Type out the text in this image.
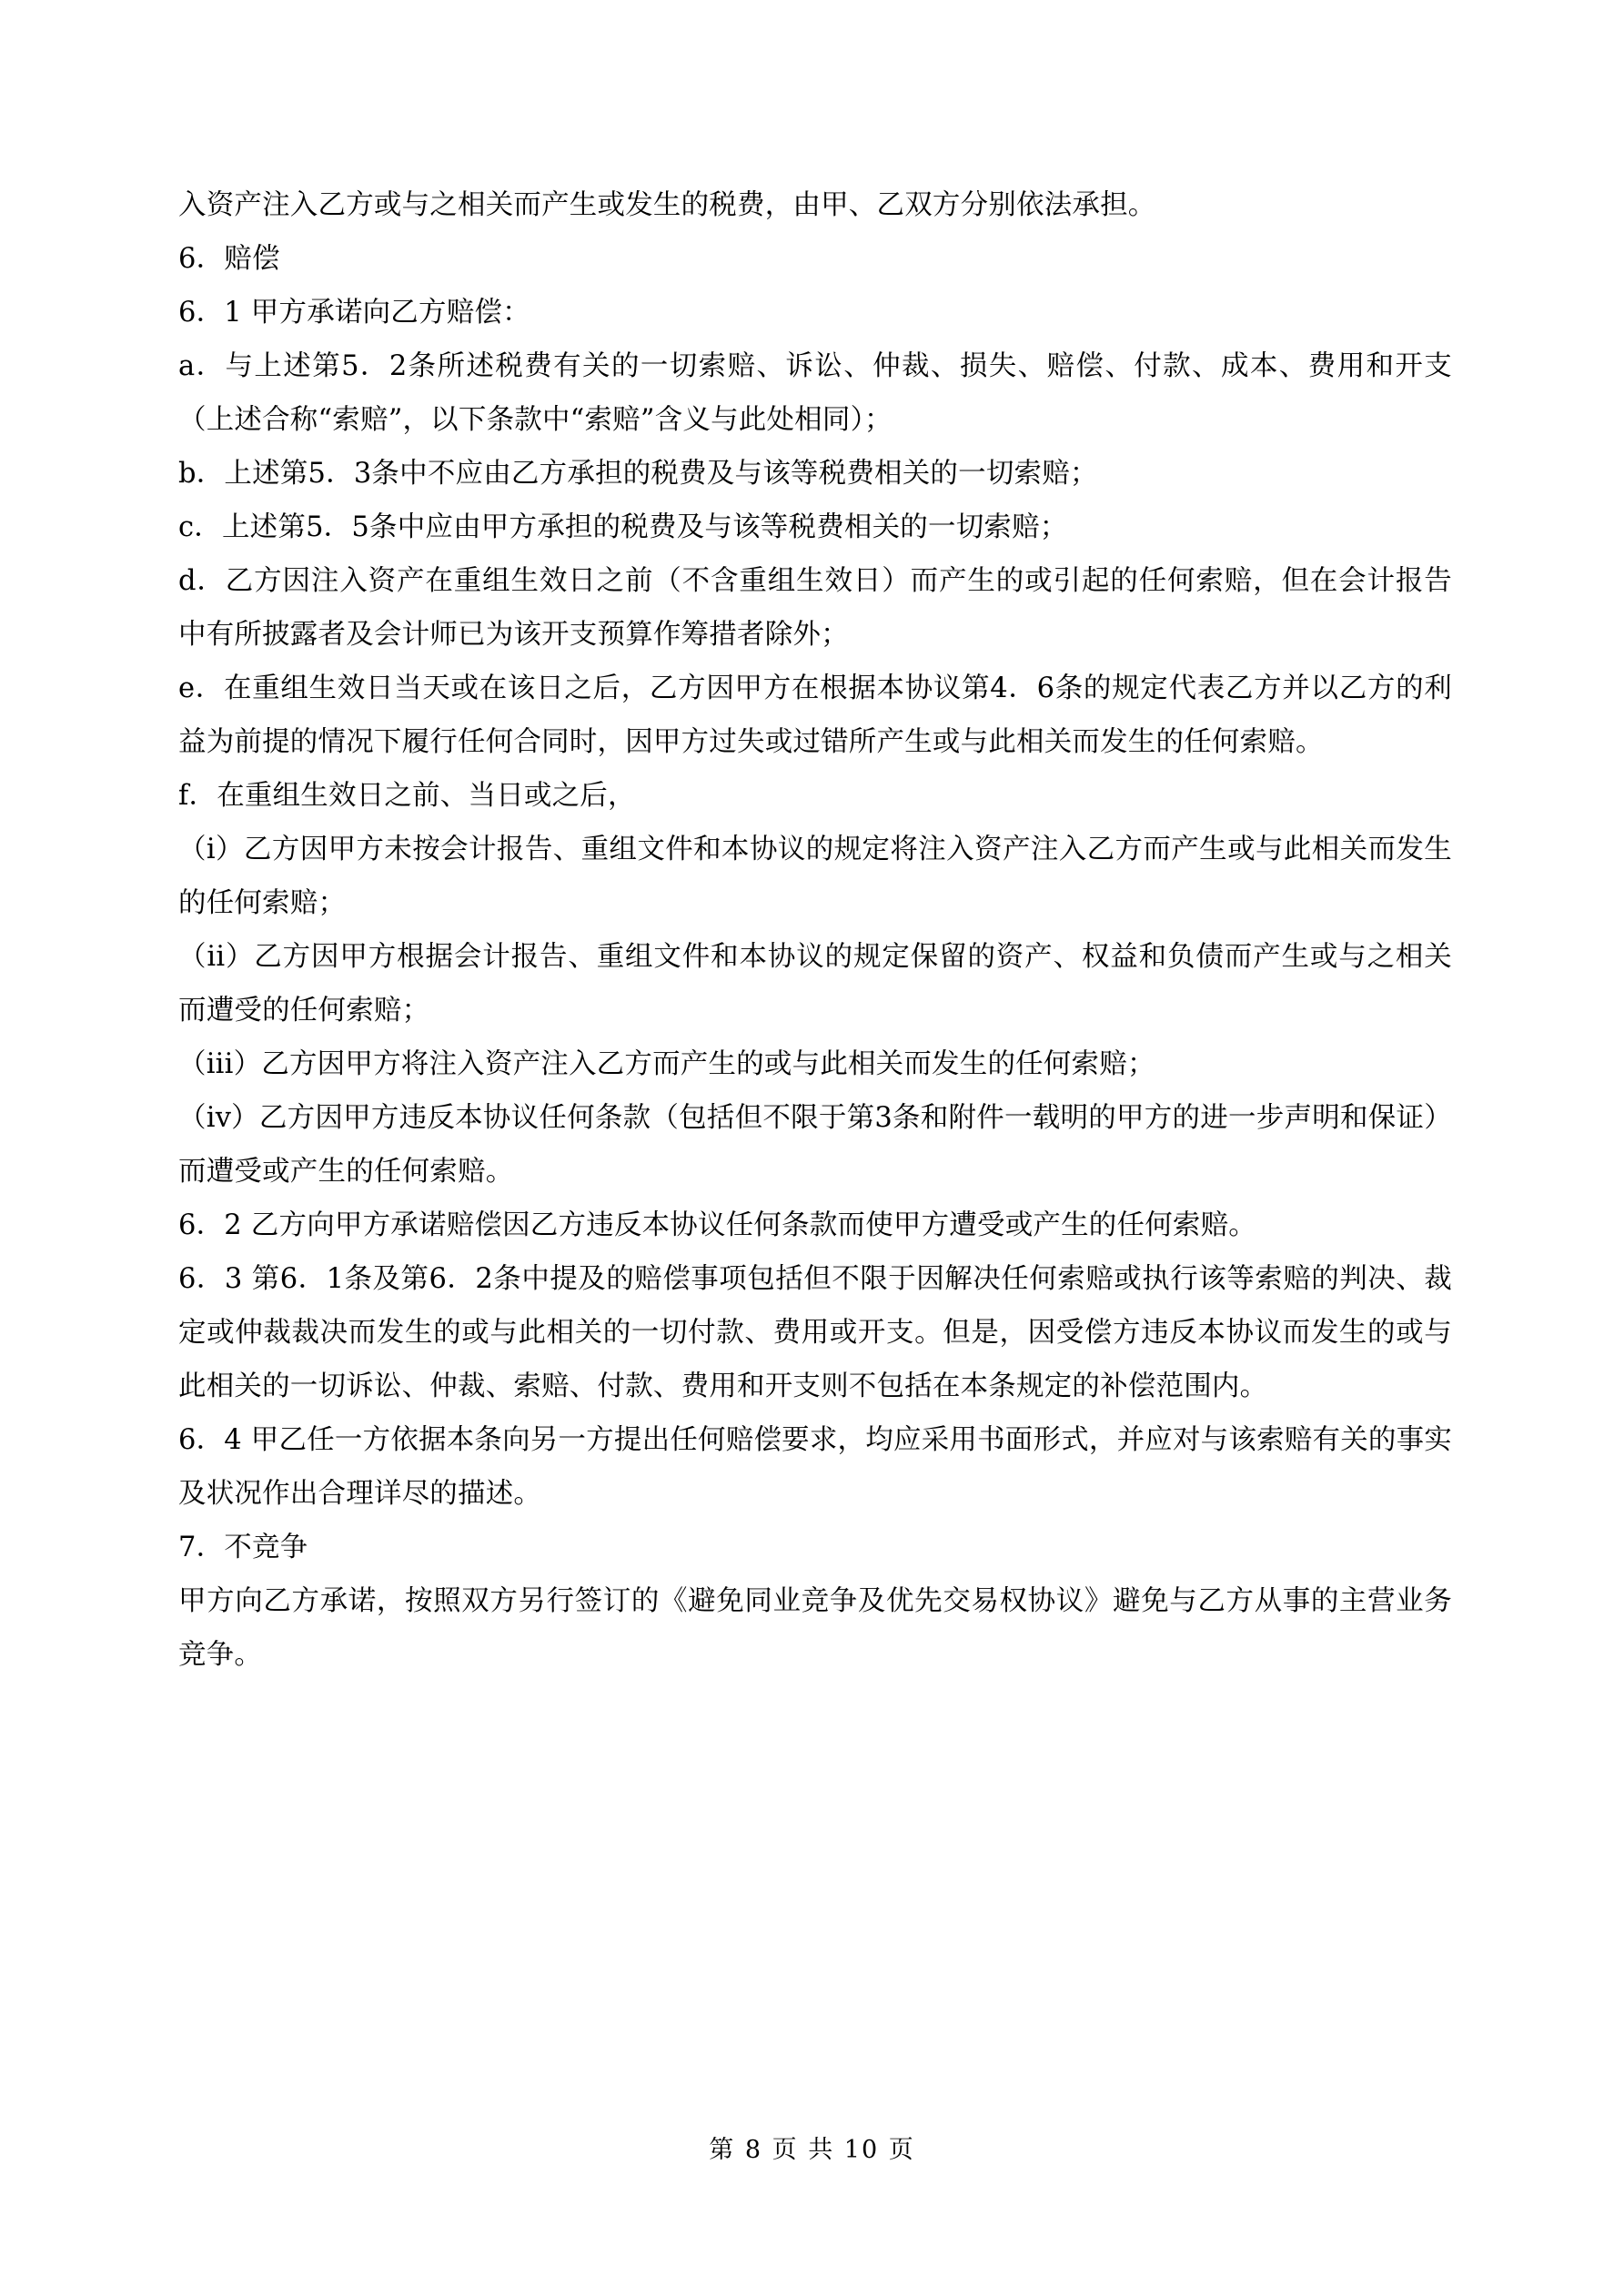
入资产注入乙方或与之相关而产生或发生的税费，由甲、乙双方分别依法承担。

6．赔偿

6．1 甲方承诺向乙方赔偿：

a．与上述第5．2条所述税费有关的一切索赔、诉讼、仲裁、损失、赔偿、付款、成本、费用和开支（上述合称“索赔”，以下条款中“索赔”含义与此处相同）；

b．上述第5．3条中不应由乙方承担的税费及与该等税费相关的一切索赔；

c．上述第5．5条中应由甲方承担的税费及与该等税费相关的一切索赔；

d．乙方因注入资产在重组生效日之前（不含重组生效日）而产生的或引起的任何索赔，但在会计报告中有所披露者及会计师已为该开支预算作筹措者除外；

e．在重组生效日当天或在该日之后，乙方因甲方在根据本协议第4．6条的规定代表乙方并以乙方的利益为前提的情况下履行任何合同时，因甲方过失或过错所产生或与此相关而发生的任何索赔。

f．在重组生效日之前、当日或之后，

（i）乙方因甲方未按会计报告、重组文件和本协议的规定将注入资产注入乙方而产生或与此相关而发生的任何索赔；

（ii）乙方因甲方根据会计报告、重组文件和本协议的规定保留的资产、权益和负债而产生或与之相关而遭受的任何索赔；

（iii）乙方因甲方将注入资产注入乙方而产生的或与此相关而发生的任何索赔；

（iv）乙方因甲方违反本协议任何条款（包括但不限于第3条和附件一载明的甲方的进一步声明和保证）而遭受或产生的任何索赔。

6．2 乙方向甲方承诺赔偿因乙方违反本协议任何条款而使甲方遭受或产生的任何索赔。

6．3 第6．1条及第6．2条中提及的赔偿事项包括但不限于因解决任何索赔或执行该等索赔的判决、裁定或仲裁裁决而发生的或与此相关的一切付款、费用或开支。但是，因受偿方违反本协议而发生的或与此相关的一切诉讼、仲裁、索赔、付款、费用和开支则不包括在本条规定的补偿范围内。

6．4 甲乙任一方依据本条向另一方提出任何赔偿要求，均应采用书面形式，并应对与该索赔有关的事实及状况作出合理详尽的描述。

7．不竞争

甲方向乙方承诺，按照双方另行签订的《避免同业竞争及优先交易权协议》避免与乙方从事的主营业务竞争。

第 8 页 共 10 页
